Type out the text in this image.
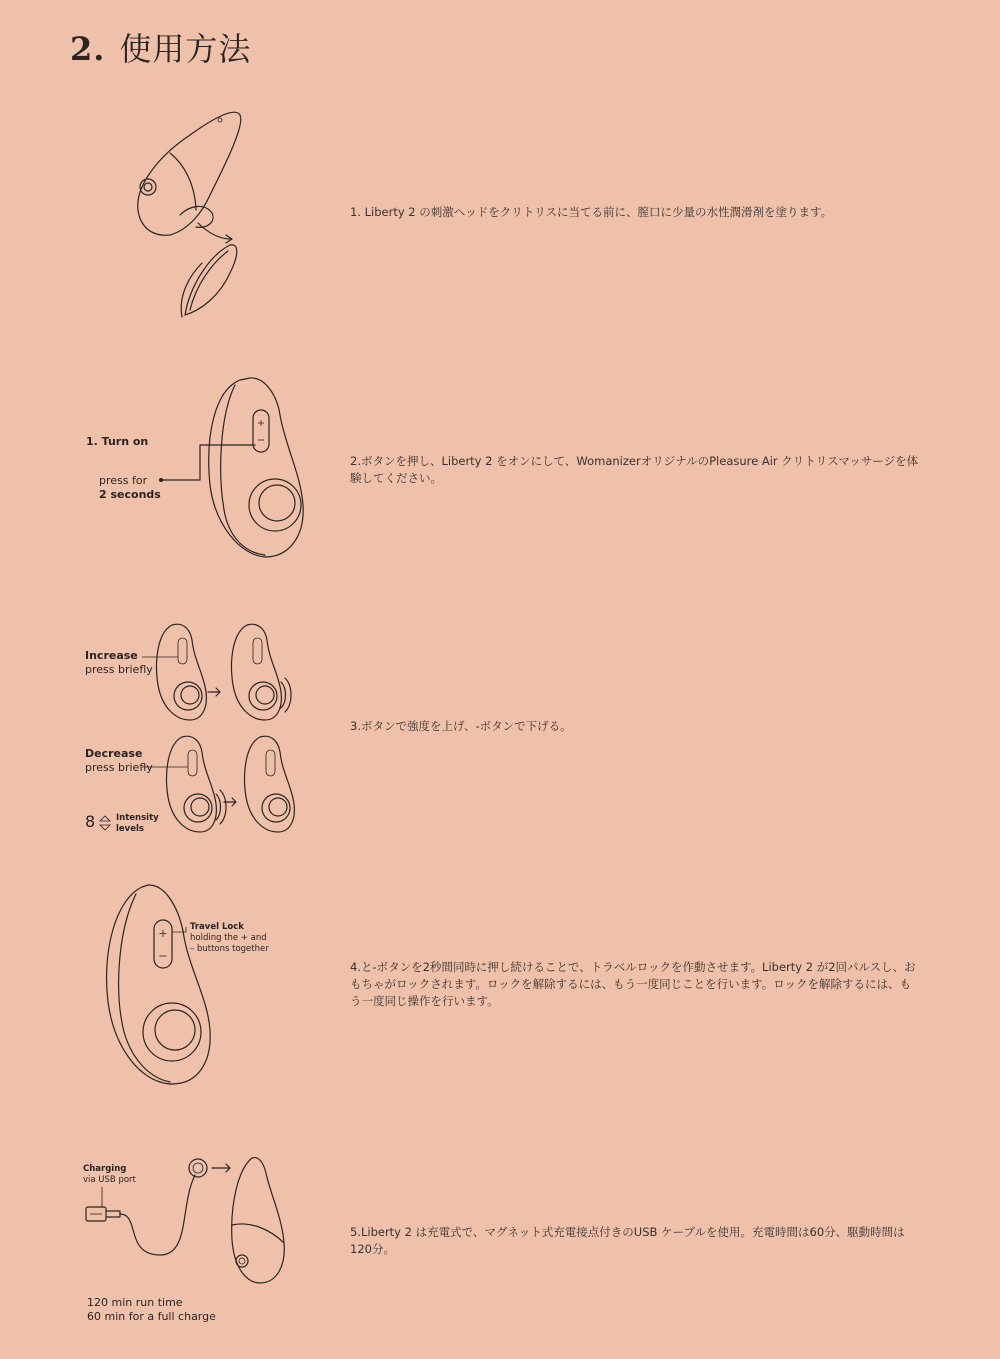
2. 使用方法
1. Liberty 2 の刺激ヘッドをクリトリスに当てる前に、膣口に少量の水性潤滑剤を塗ります。
1. Turn on
press for
2 seconds
2.ボタンを押し、Liberty 2 をオンにして、WomanizerオリジナルのPleasure Air クリトリスマッサージを体験してください。
Increase
press briefly
Decrease
press briefly
8 Intensity
levels
3.ボタンで強度を上げ、-ボタンで下げる。
Travel Lock
holding the + and
– buttons together
4.と-ボタンを2秒間同時に押し続けることで、トラベルロックを作動させます。Liberty 2 が2回パルスし、おもちゃがロックされます。ロックを解除するには、もう一度同じことを行います。ロックを解除するには、もう一度同じ操作を行います。
Charging
via USB port
120 min run time
60 min for a full charge
5.Liberty 2 は充電式で、マグネット式充電接点付きのUSB ケーブルを使用。充電時間は60分、駆動時間は120分。
